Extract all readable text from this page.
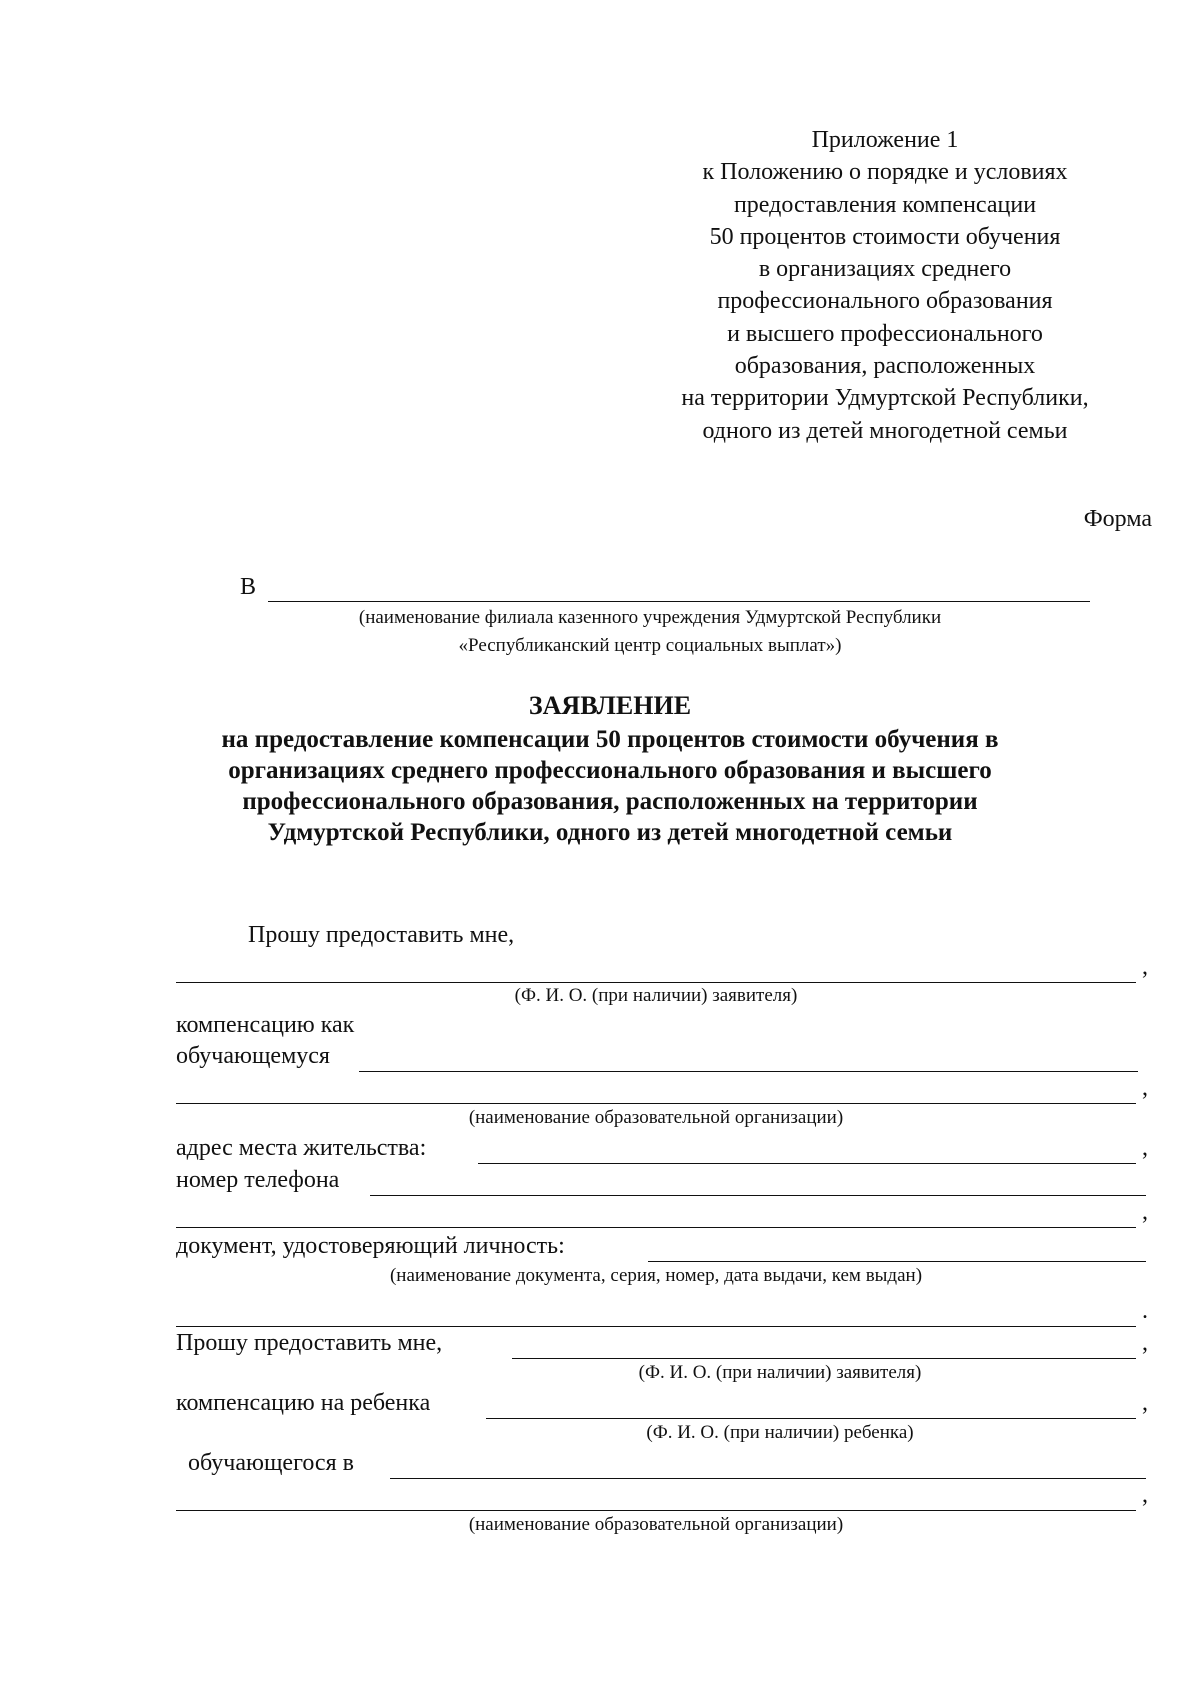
Приложение 1
к Положению о порядке и условиях
предоставления компенсации
50 процентов стоимости обучения
в организациях среднего
профессионального образования
и высшего профессионального
образования, расположенных
на территории Удмуртской Республики,
одного из детей многодетной семьи
Форма
В
(наименование филиала казенного учреждения Удмуртской Республики
«Республиканский центр социальных выплат»)
ЗАЯВЛЕНИЕ
на предоставление компенсации 50 процентов стоимости обучения в
организациях среднего профессионального образования и высшего
профессионального образования, расположенных на территории
Удмуртской Республики, одного из детей многодетной семьи
Прошу предоставить мне,
,
(Ф. И. О. (при наличии) заявителя)
компенсацию как
обучающемуся
,
(наименование образовательной организации)
адрес места жительства:	,
номер телефона
,
документ, удостоверяющий личность:
(наименование документа, серия, номер, дата выдачи, кем выдан)
.
Прошу предоставить мне,	,
(Ф. И. О. (при наличии) заявителя)
компенсацию на ребенка	,
(Ф. И. О. (при наличии) ребенка)
обучающегося в
,
(наименование образовательной организации)
